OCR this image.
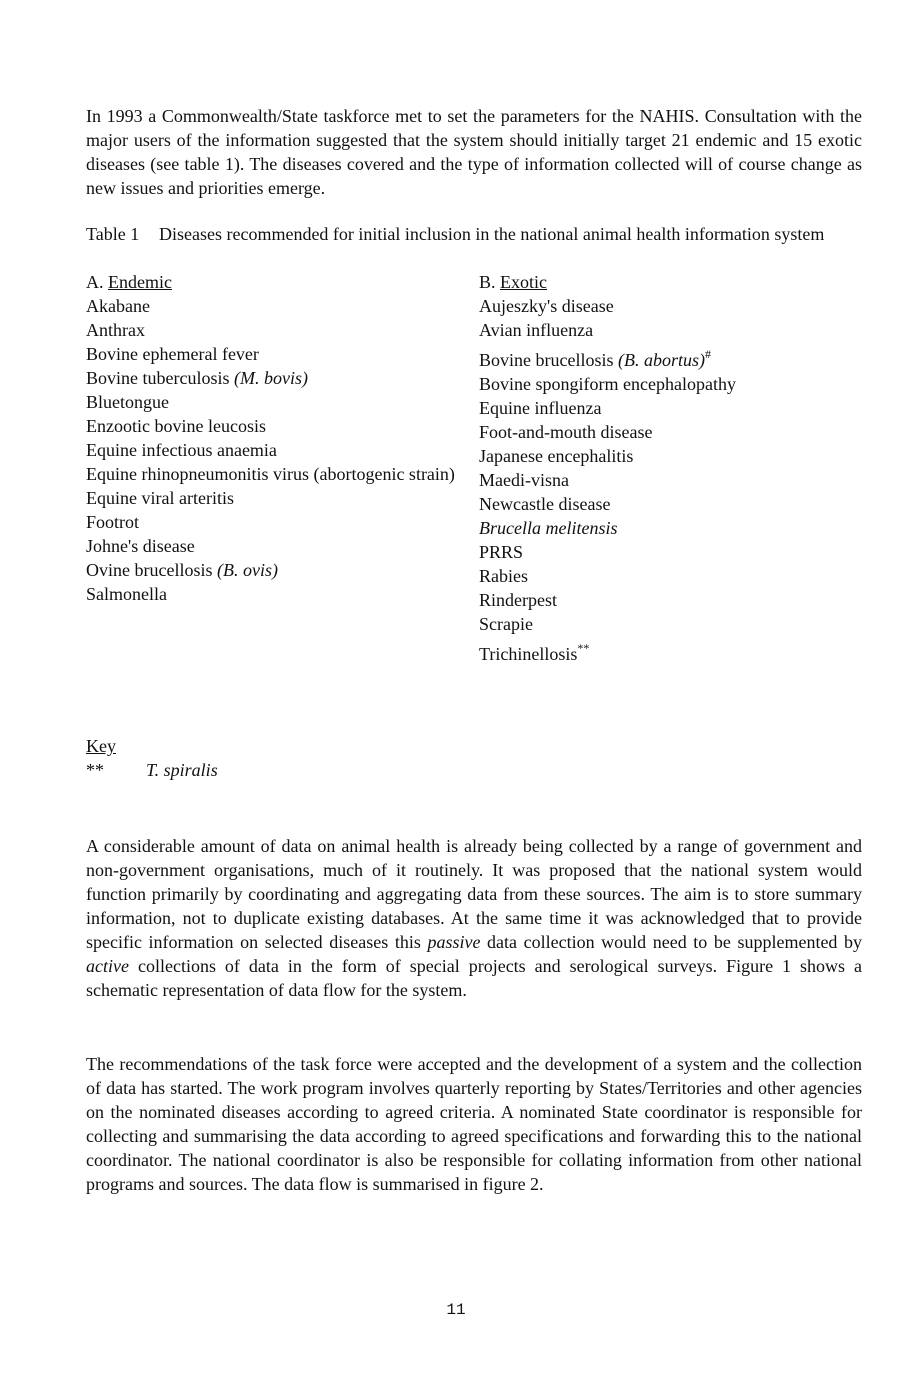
In 1993 a Commonwealth/State taskforce met to set the parameters for the NAHIS. Consultation with the major users of the information suggested that the system should initially target 21 endemic and 15 exotic diseases (see table 1). The diseases covered and the type of information collected will of course change as new issues and priorities emerge.

Table 1	Diseases recommended for initial inclusion in the national animal health information system
A. Endemic
Akabane
Anthrax
Bovine ephemeral fever
Bovine tuberculosis (M. bovis)
Bluetongue
Enzootic bovine leucosis
Equine infectious anaemia
Equine rhinopneumonitis virus (abortogenic strain)
Equine viral arteritis
Footrot
Johne's disease
Ovine brucellosis (B. ovis)
Salmonella
B. Exotic
Aujeszky's disease
Avian influenza
Bovine brucellosis (B. abortus)#
Bovine spongiform encephalopathy
Equine influenza
Foot-and-mouth disease
Japanese encephalitis
Maedi-visna
Newcastle disease
Brucella melitensis
PRRS
Rabies
Rinderpest
Scrapie
Trichinellosis**
Key
**	T. spiralis

A considerable amount of data on animal health is already being collected by a range of government and non-government organisations, much of it routinely. It was proposed that the national system would function primarily by coordinating and aggregating data from these sources. The aim is to store summary information, not to duplicate existing databases. At the same time it was acknowledged that to provide specific information on selected diseases this passive data collection would need to be supplemented by active collections of data in the form of special projects and serological surveys. Figure 1 shows a schematic representation of data flow for the system.

The recommendations of the task force were accepted and the development of a system and the collection of data has started. The work program involves quarterly reporting by States/Territories and other agencies on the nominated diseases according to agreed criteria. A nominated State coordinator is responsible for collecting and summarising the data according to agreed specifications and forwarding this to the national coordinator. The national coordinator is also be responsible for collating information from other national programs and sources. The data flow is summarised in figure 2.

11
